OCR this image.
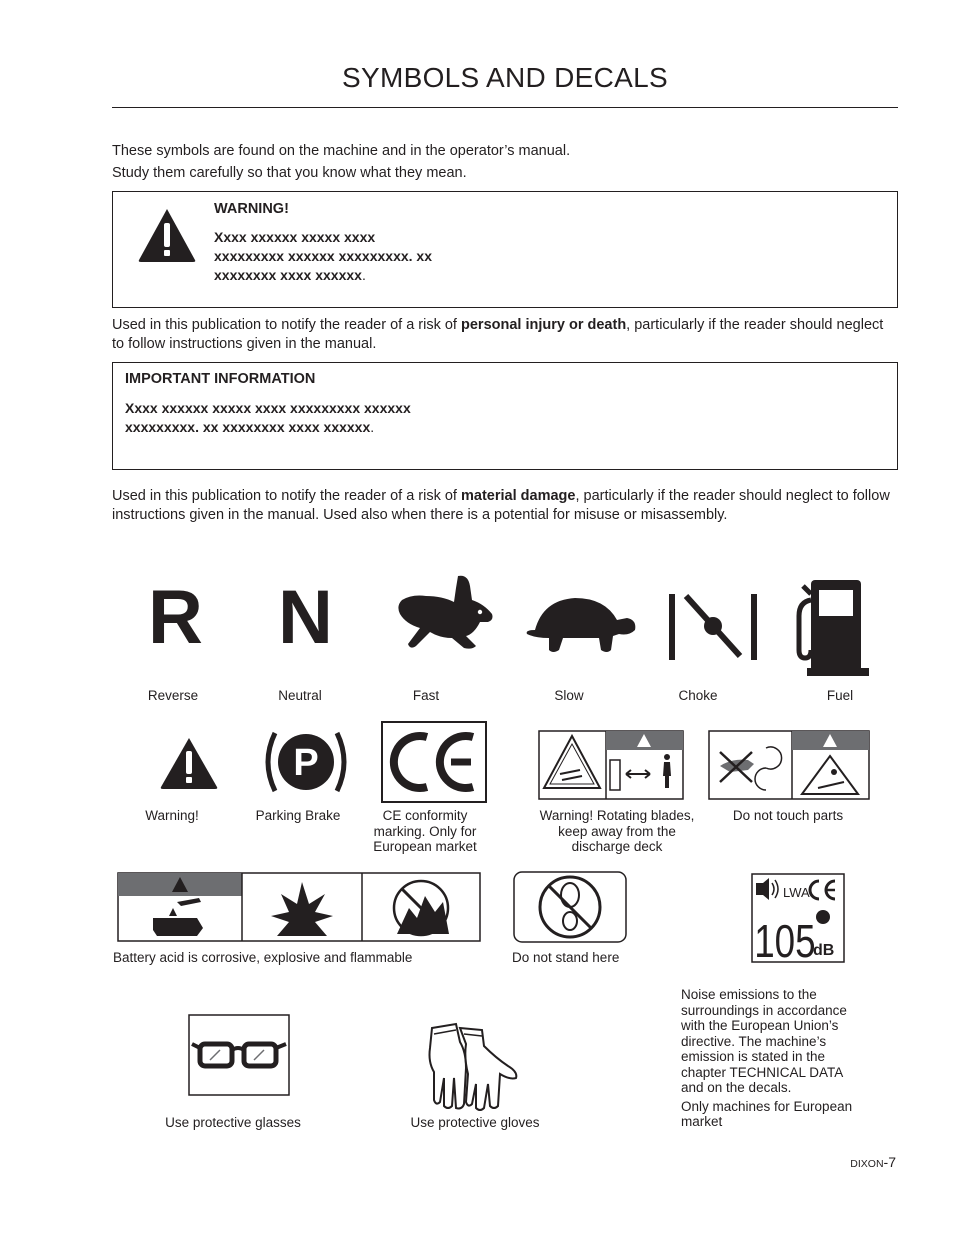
SYMBOLS AND DECALS
These symbols are found on the machine and in the operator’s manual.
Study them carefully so that you know what they mean.
WARNING!
Xxxx xxxxxx xxxxx xxxx
xxxxxxxxx xxxxxx xxxxxxxxx. xx
xxxxxxxx xxxx xxxxxx.
Used in this publication to notify the reader of a risk of personal injury or death, particularly if the reader should neglect to follow instructions given in the manual.
IMPORTANT INFORMATION
Xxxx xxxxxx xxxxx xxxx xxxxxxxxx xxxxxx
xxxxxxxxx. xx xxxxxxxx xxxx xxxxxx.
Used in this publication to notify the reader of a risk of material damage, particularly if the reader should neglect to follow instructions given in the manual. Used also when there is a potential for misuse or misassembly.
R N
Reverse	Neutral	Fast	Slow	Choke	Fuel
P
Warning!	Parking Brake	CE conformity
marking. Only for
European market
Warning! Rotating blades,
keep away from the
discharge deck
Do not touch parts
LWA
105
dB
Battery acid is corrosive, explosive and flammable	Do not stand here
Noise emissions to the
surroundings in accordance
with the European Union’s
directive. The machine’s
emission is stated in the
chapter TECHNICAL DATA
and on the decals.
Only machines for European
market
Use protective glasses	Use protective gloves
DIXON-7
